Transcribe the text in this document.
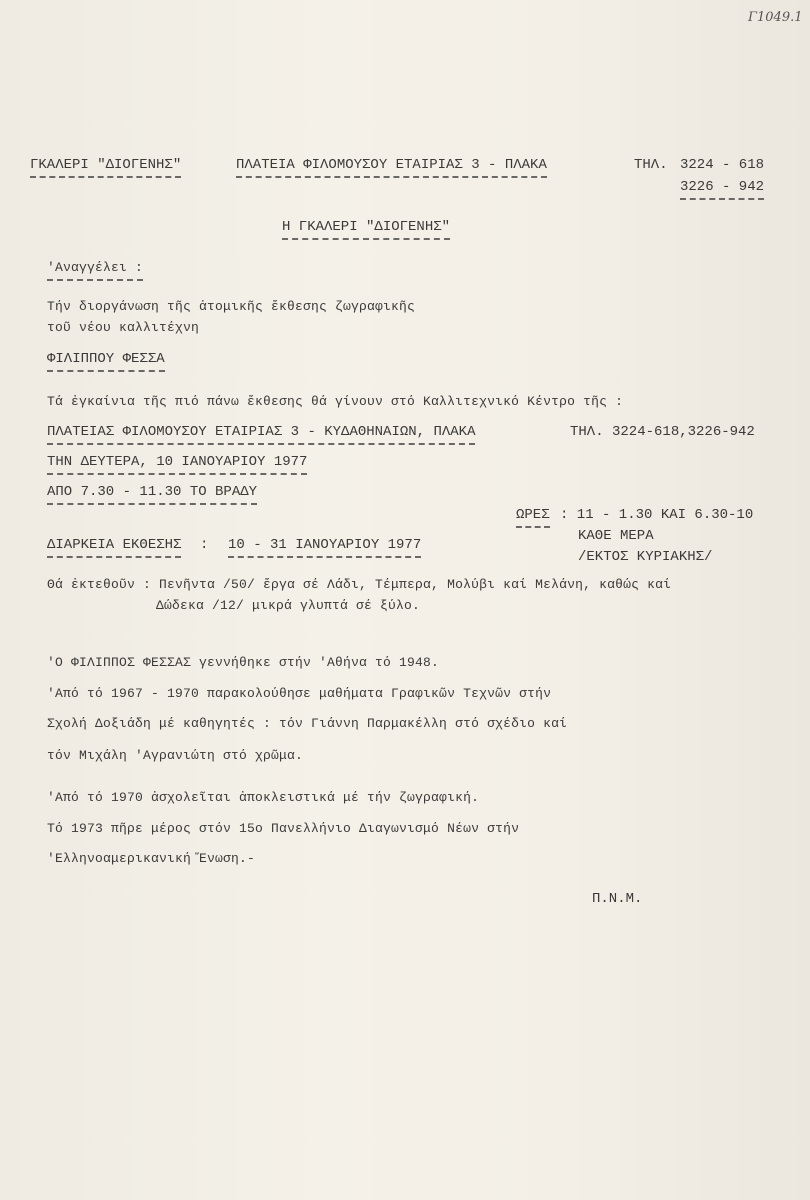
Γ1049.1
ΓΚΑΛΕΡΙ "ΔΙΟΓΕΝΗΣ"	ΠΛΑΤΕΙΑ ΦΙΛΟΜΟΥΣΟΥ ΕΤΑΙΡΙΑΣ 3 - ΠΛΑΚΑ	ΤΗΛ. 3224 - 618
3226 - 942
Η ΓΚΑΛΕΡΙ "ΔΙΟΓΕΝΗΣ"
'Αναγγέλει :
Τήν διοργάνωση τῆς ἀτομικῆς ἔκθεσης ζωγραφικῆς
τοῦ νέου καλλιτέχνη
ΦΙΛΙΠΠΟΥ ΦΕΣΣΑ
Τά ἐγκαίνια τῆς πιό πάνω ἔκθεσης θά γίνουν στό Καλλιτεχνικό Κέντρο τῆς :
ΠΛΑΤΕΙΑΣ ΦΙΛΟΜΟΥΣΟΥ ΕΤΑΙΡΙΑΣ 3 - ΚΥΔΑΘΗΝΑΙΩΝ, ΠΛΑΚΑ	ΤΗΛ. 3224-618,3226-942
ΤΗΝ ΔΕΥΤΕΡΑ, 10 ΙΑΝΟΥΑΡΙΟΥ 1977
ΑΠΟ 7.30 - 11.30 ΤΟ ΒΡΑΔΥ
ΩΡΕΣ : 11 - 1.30 ΚΑΙ 6.30-10
ΚΑΘΕ ΜΕΡΑ
/ΕΚΤΟΣ ΚΥΡΙΑΚΗΣ/
ΔΙΑΡΚΕΙΑ ΕΚΘΕΣΗΣ : 10 - 31 ΙΑΝΟΥΑΡΙΟΥ 1977
Θά ἐκτεθοῦν : Πενῆντα /50/ ἔργα σέ Λάδι, Τέμπερα, Μολύβι καί Μελάνη, καθώς καί
Δώδεκα /12/ μικρά γλυπτά σέ ξύλο.
'Ο ΦΙΛΙΠΠΟΣ ΦΕΣΣΑΣ γεννήθηκε στήν 'Αθήνα τό 1948.
'Από τό 1967 - 1970 παρακολούθησε μαθήματα Γραφικῶν Τεχνῶν στήν
Σχολή Δοξιάδη μέ καθηγητές : τόν Γιάννη Παρμακέλλη στό σχέδιο καί
τόν Μιχάλη 'Αγρανιώτη στό χρῶμα.
'Από τό 1970 ἀσχολεῖται ἀποκλειστικά μέ τήν ζωγραφική.
Τό 1973 πῆρε μέρος στόν 15ο Πανελλήνιο Διαγωνισμό Νέων στήν
'Ελληνοαμερικανική Ἕνωση.-
Π.Ν.Μ.
